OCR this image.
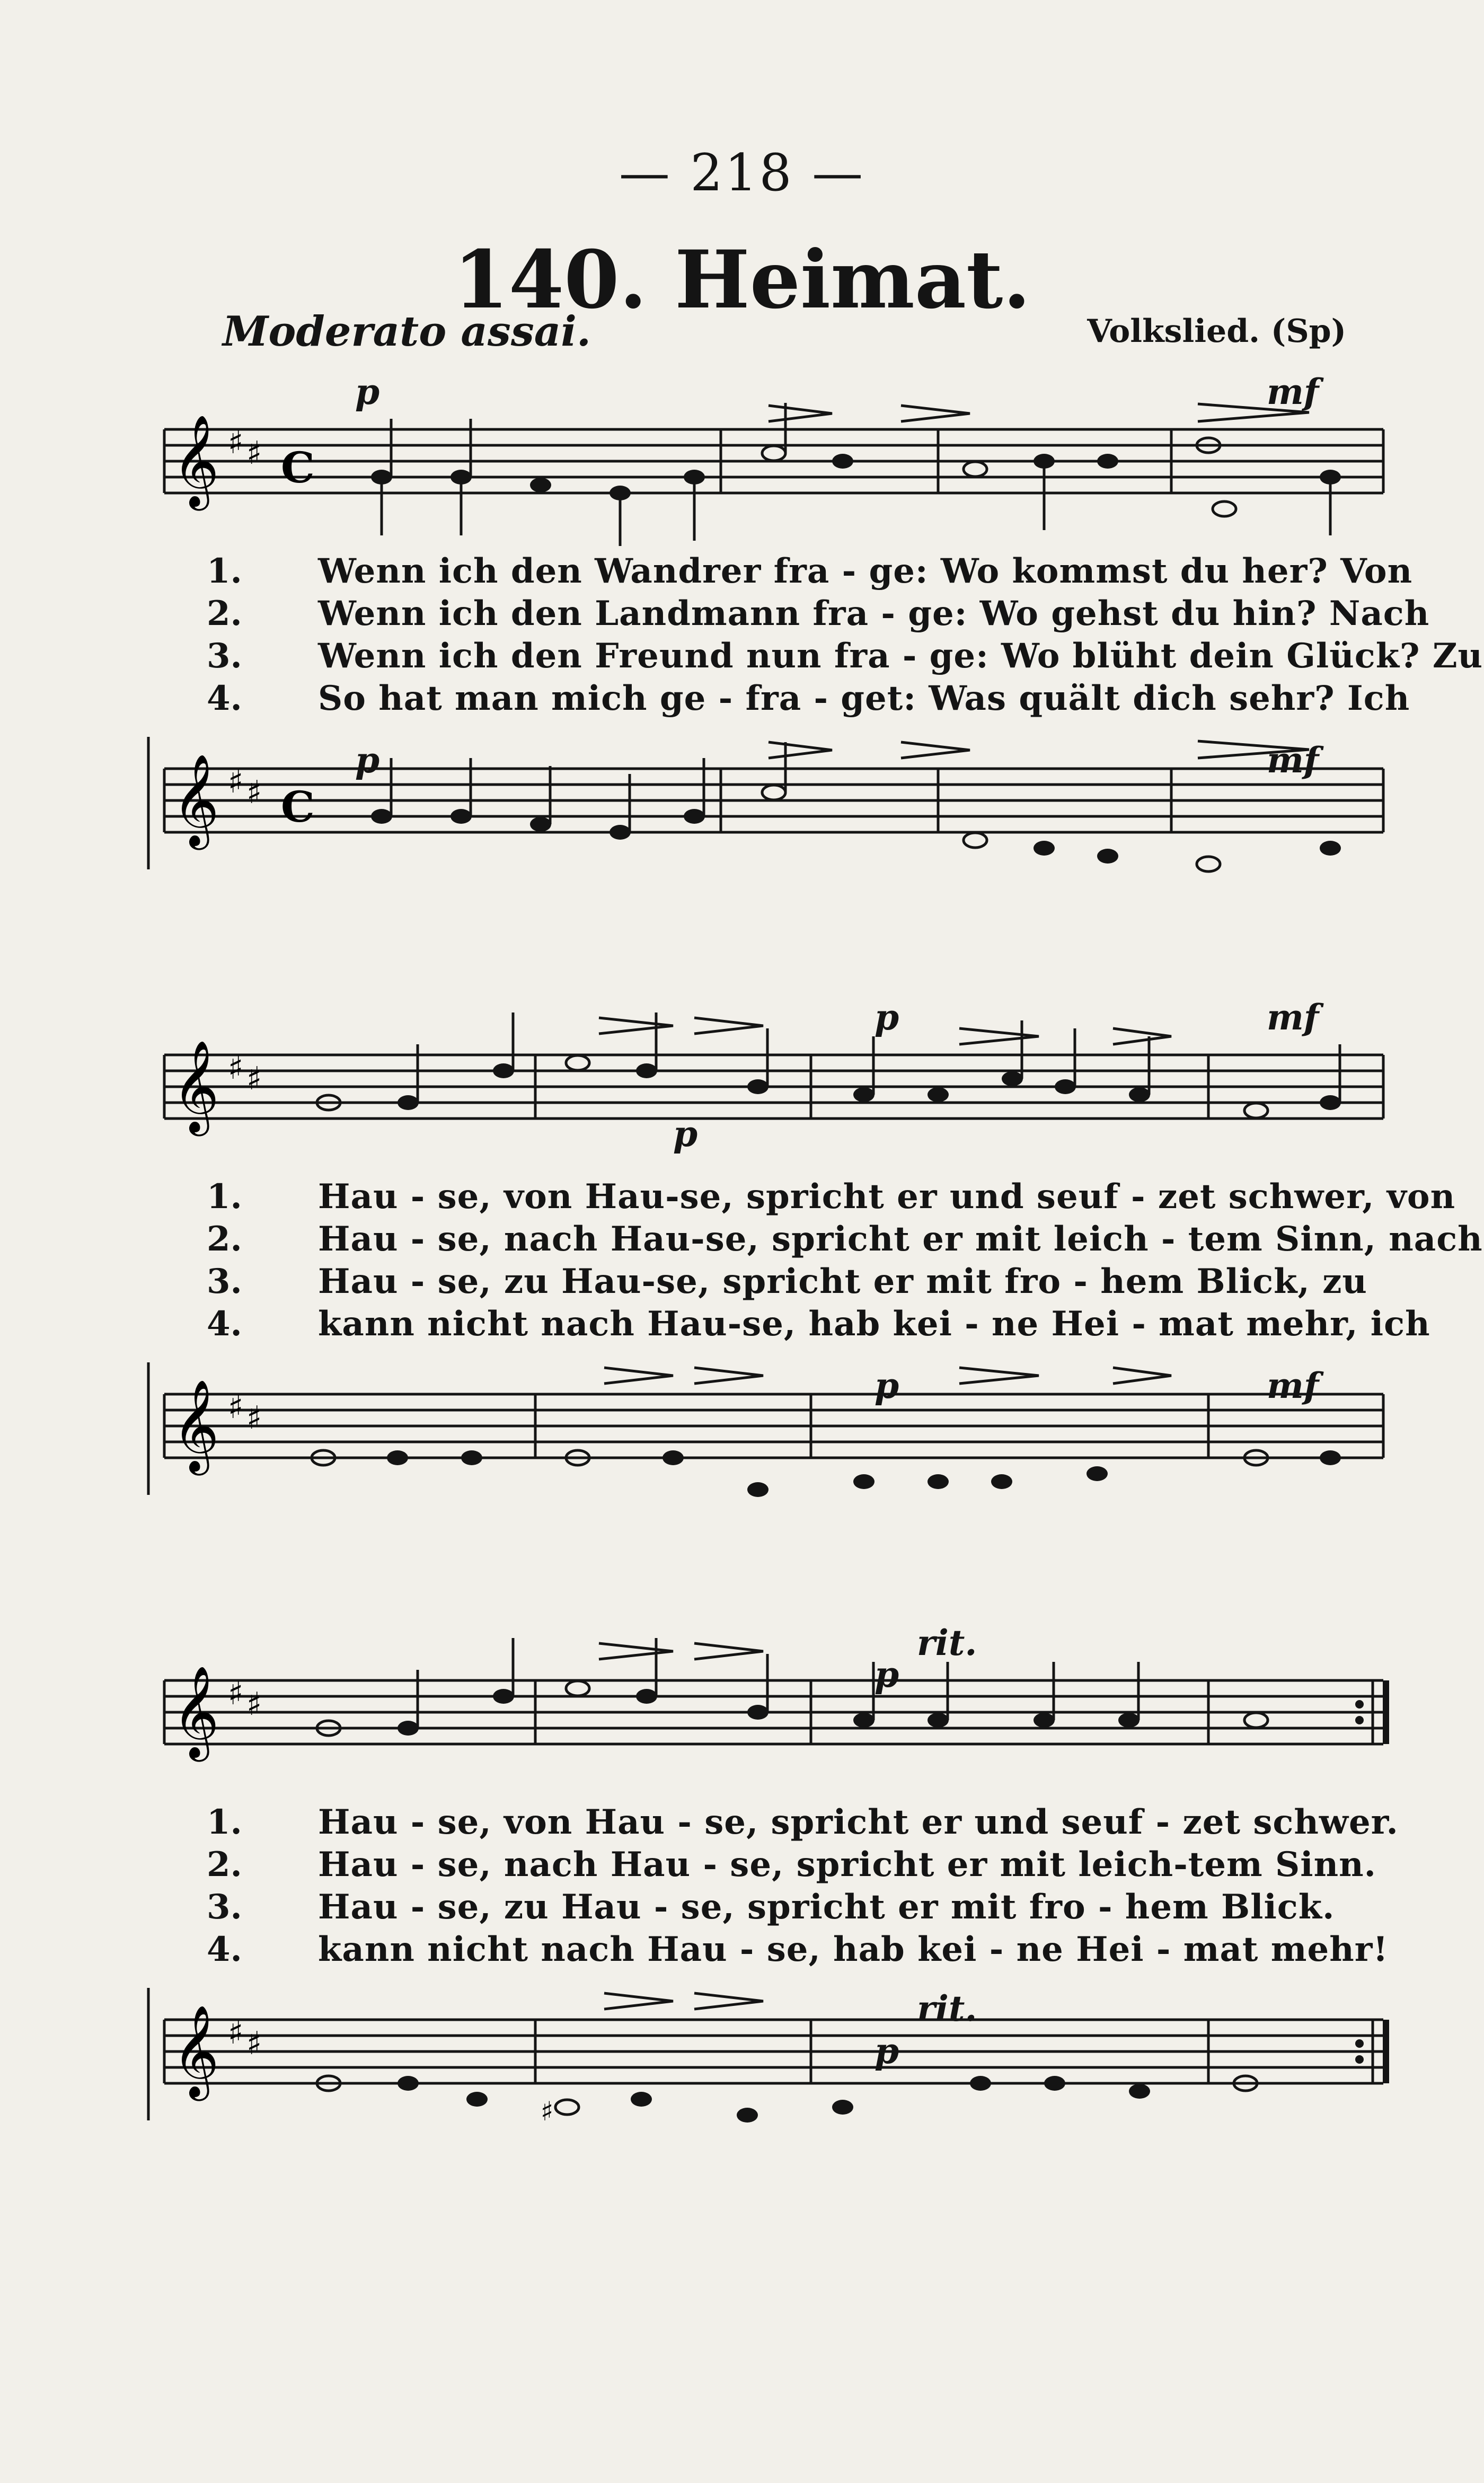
— 218 —
140. Heimat.
Moderato assai.	Volkslied. (Sp)
𝄞 ♯ ♯ C
p	mf
1. Wenn ich den Wandrer fra - ge: Wo kommst du her? Von
2. Wenn ich den Landmann fra - ge: Wo gehst du hin? Nach
3. Wenn ich den Freund nun fra - ge: Wo blüht dein Glück? Zu
4. So hat man mich ge - fra - get: Was quält dich sehr? Ich
𝄞 ♯ ♯ C
p	mf
𝄞 ♯ ♯
p	mf
p
1. Hau - se, von Hau-se, spricht er und seuf - zet schwer, von
2. Hau - se, nach Hau-se, spricht er mit leich - tem Sinn, nach
3. Hau - se, zu Hau-se, spricht er mit fro - hem Blick, zu
4. kann nicht nach Hau-se, hab kei - ne Hei - mat mehr, ich
𝄞 ♯ ♯
p	mf
𝄞 ♯ ♯
p
rit.
1. Hau - se, von Hau - se, spricht er und seuf - zet schwer.
2. Hau - se, nach Hau - se, spricht er mit leich-tem Sinn.
3. Hau - se, zu Hau - se, spricht er mit fro - hem Blick.
4. kann nicht nach Hau - se, hab kei - ne Hei - mat mehr!
𝄞 ♯ ♯
♯
p
rit.
